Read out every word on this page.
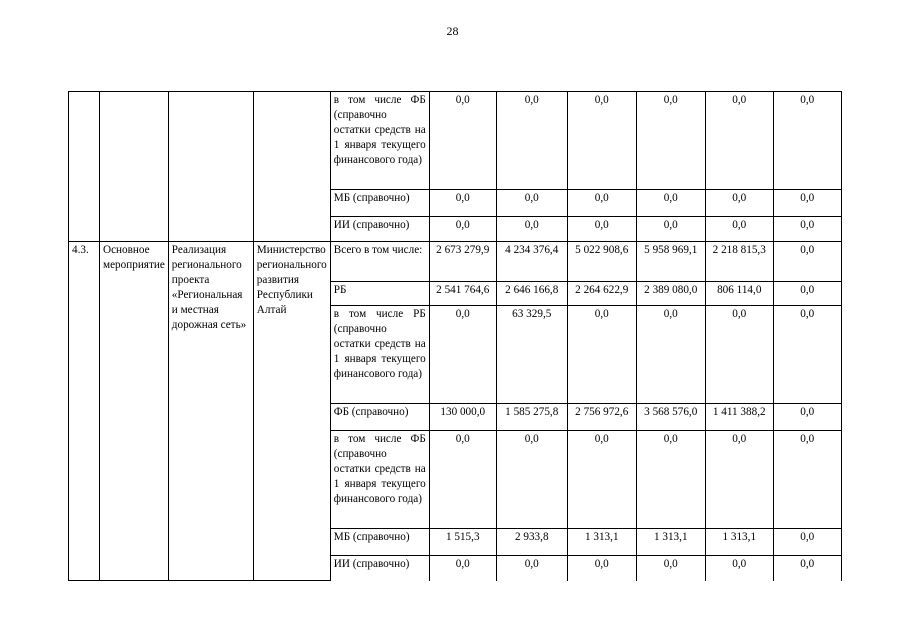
28
				в том числе ФБ (справочно остатки средств на 1 января текущего финансового года)	0,0	0,0	0,0	0,0	0,0	0,0
				МБ (справочно)	0,0	0,0	0,0	0,0	0,0	0,0
				ИИ (справочно)	0,0	0,0	0,0	0,0	0,0	0,0
4.3.	Основное мероприятие	Реализация регионального проекта «Региональная и местная дорожная сеть»	Министерство регионального развития Республики Алтай	Всего в том числе:	2 673 279,9	4 234 376,4	5 022 908,6	5 958 969,1	2 218 815,3	0,0
				РБ	2 541 764,6	2 646 166,8	2 264 622,9	2 389 080,0	806 114,0	0,0
				в том числе РБ (справочно остатки средств на 1 января текущего финансового года)	0,0	63 329,5	0,0	0,0	0,0	0,0
				ФБ (справочно)	130 000,0	1 585 275,8	2 756 972,6	3 568 576,0	1 411 388,2	0,0
				в том числе ФБ (справочно остатки средств на 1 января текущего финансового года)	0,0	0,0	0,0	0,0	0,0	0,0
				МБ (справочно)	1 515,3	2 933,8	1 313,1	1 313,1	1 313,1	0,0
				ИИ (справочно)	0,0	0,0	0,0	0,0	0,0	0,0
